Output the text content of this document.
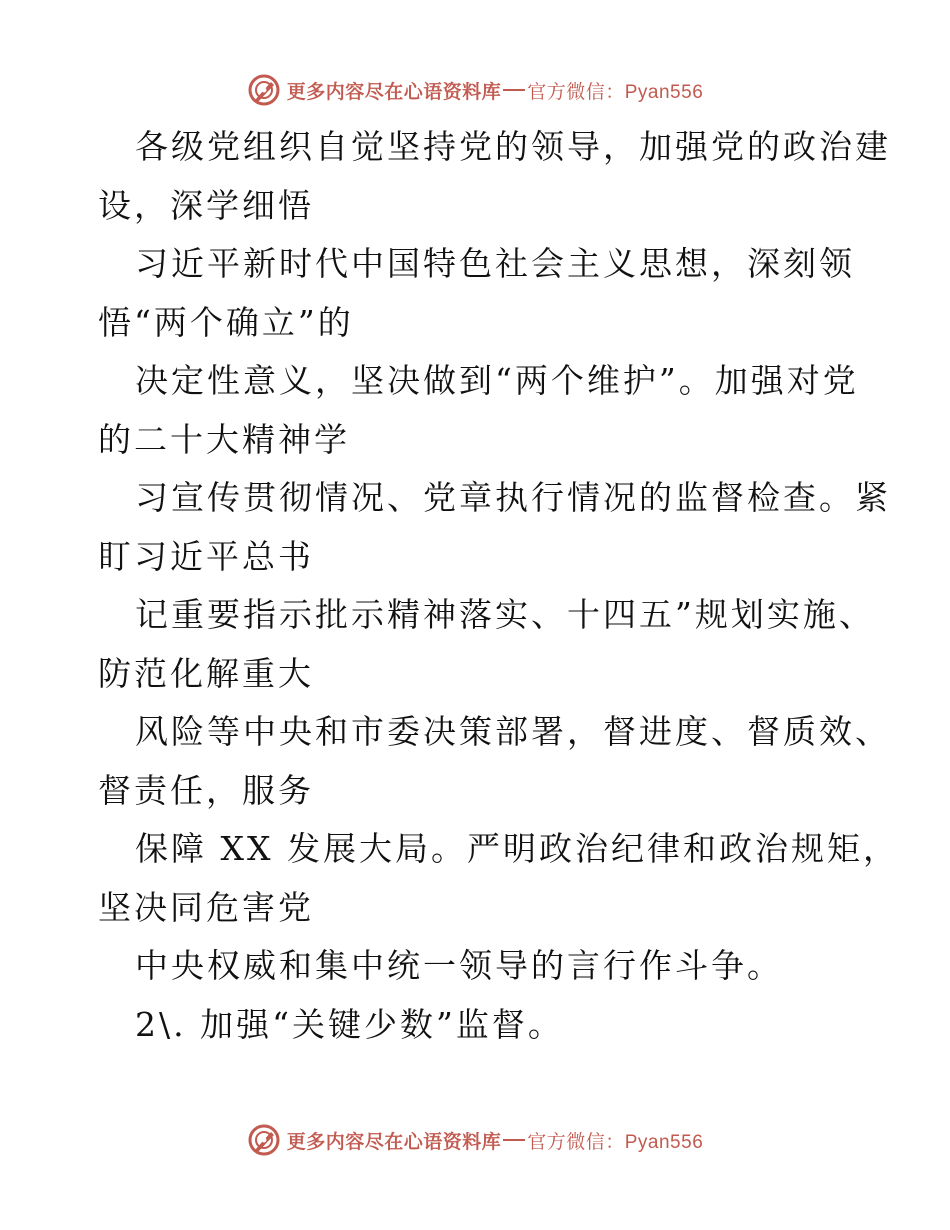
更多内容尽在心语资料库 官方微信：Pyan556
各级党组织自觉坚持党的领导，加强党的政治建
设，深学细悟
习近平新时代中国特色社会主义思想，深刻领
悟“两个确立”的
决定性意义，坚决做到“两个维护”。加强对党
的二十大精神学
习宣传贯彻情况、党章执行情况的监督检查。紧
盯习近平总书
记重要指示批示精神落实、十四五”规划实施、
防范化解重大
风险等中央和市委决策部署，督进度、督质效、
督责任，服务
保障 XX 发展大局。严明政治纪律和政治规矩，
坚决同危害党
中央权威和集中统一领导的言行作斗争。
2\. 加强“关键少数”监督。
更多内容尽在心语资料库 官方微信：Pyan556
